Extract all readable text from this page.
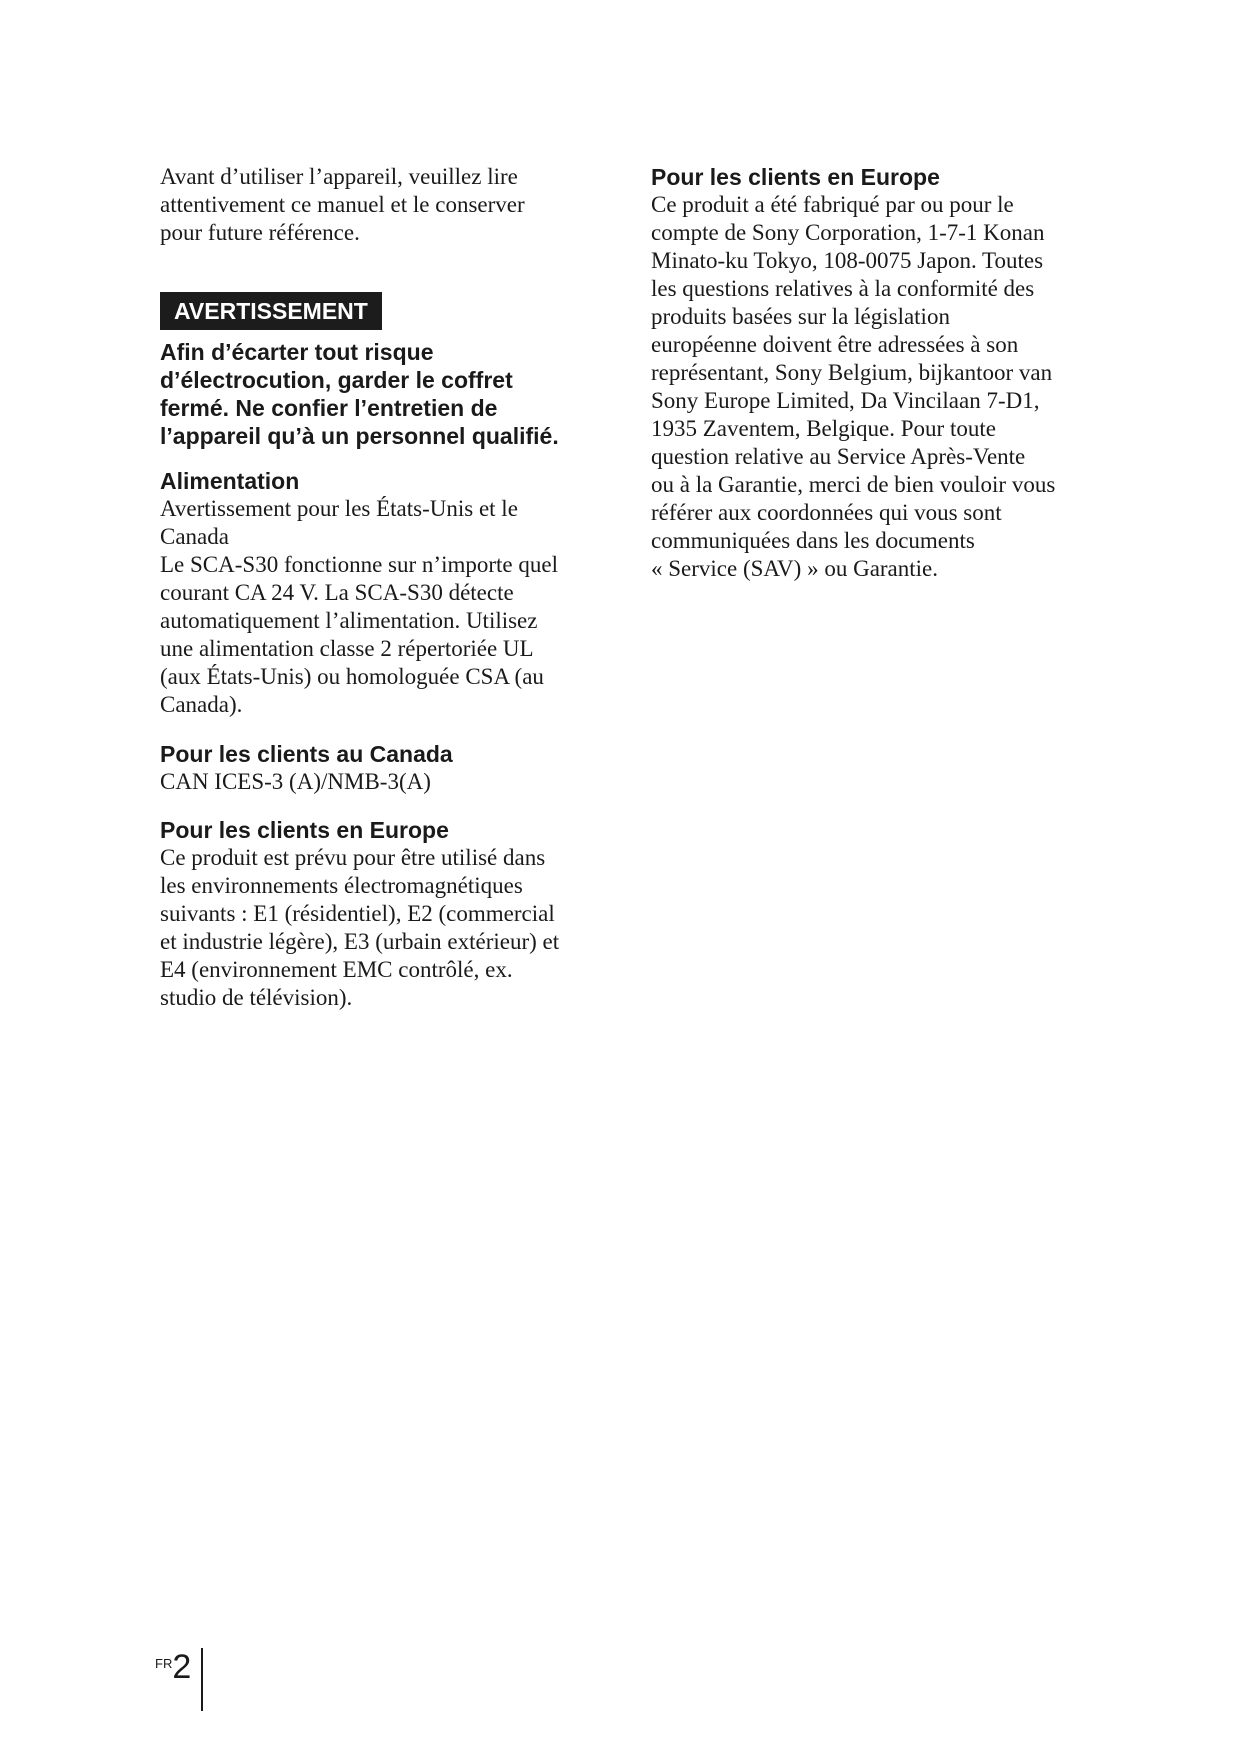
Avant d’utiliser l’appareil, veuillez lire
attentivement ce manuel et le conserver
pour future référence.

AVERTISSEMENT

Afin d’écarter tout risque
d’électrocution, garder le coffret
fermé. Ne confier l’entretien de
l’appareil qu’à un personnel qualifié.

Alimentation

Avertissement pour les États-Unis et le
Canada
Le SCA-S30 fonctionne sur n’importe quel
courant CA 24 V. La SCA-S30 détecte
automatiquement l’alimentation. Utilisez
une alimentation classe 2 répertoriée UL
(aux États-Unis) ou homologuée CSA (au
Canada).

Pour les clients au Canada

CAN ICES-3 (A)/NMB-3(A)

Pour les clients en Europe

Ce produit est prévu pour être utilisé dans
les environnements électromagnétiques
suivants : E1 (résidentiel), E2 (commercial
et industrie légère), E3 (urbain extérieur) et
E4 (environnement EMC contrôlé, ex.
studio de télévision).

Pour les clients en Europe

Ce produit a été fabriqué par ou pour le
compte de Sony Corporation, 1-7-1 Konan
Minato-ku Tokyo, 108-0075 Japon. Toutes
les questions relatives à la conformité des
produits basées sur la législation
européenne doivent être adressées à son
représentant, Sony Belgium, bijkantoor van
Sony Europe Limited, Da Vincilaan 7-D1,
1935 Zaventem, Belgique. Pour toute
question relative au Service Après-Vente
ou à la Garantie, merci de bien vouloir vous
référer aux coordonnées qui vous sont
communiquées dans les documents
« Service (SAV) » ou Garantie.

FR 2
